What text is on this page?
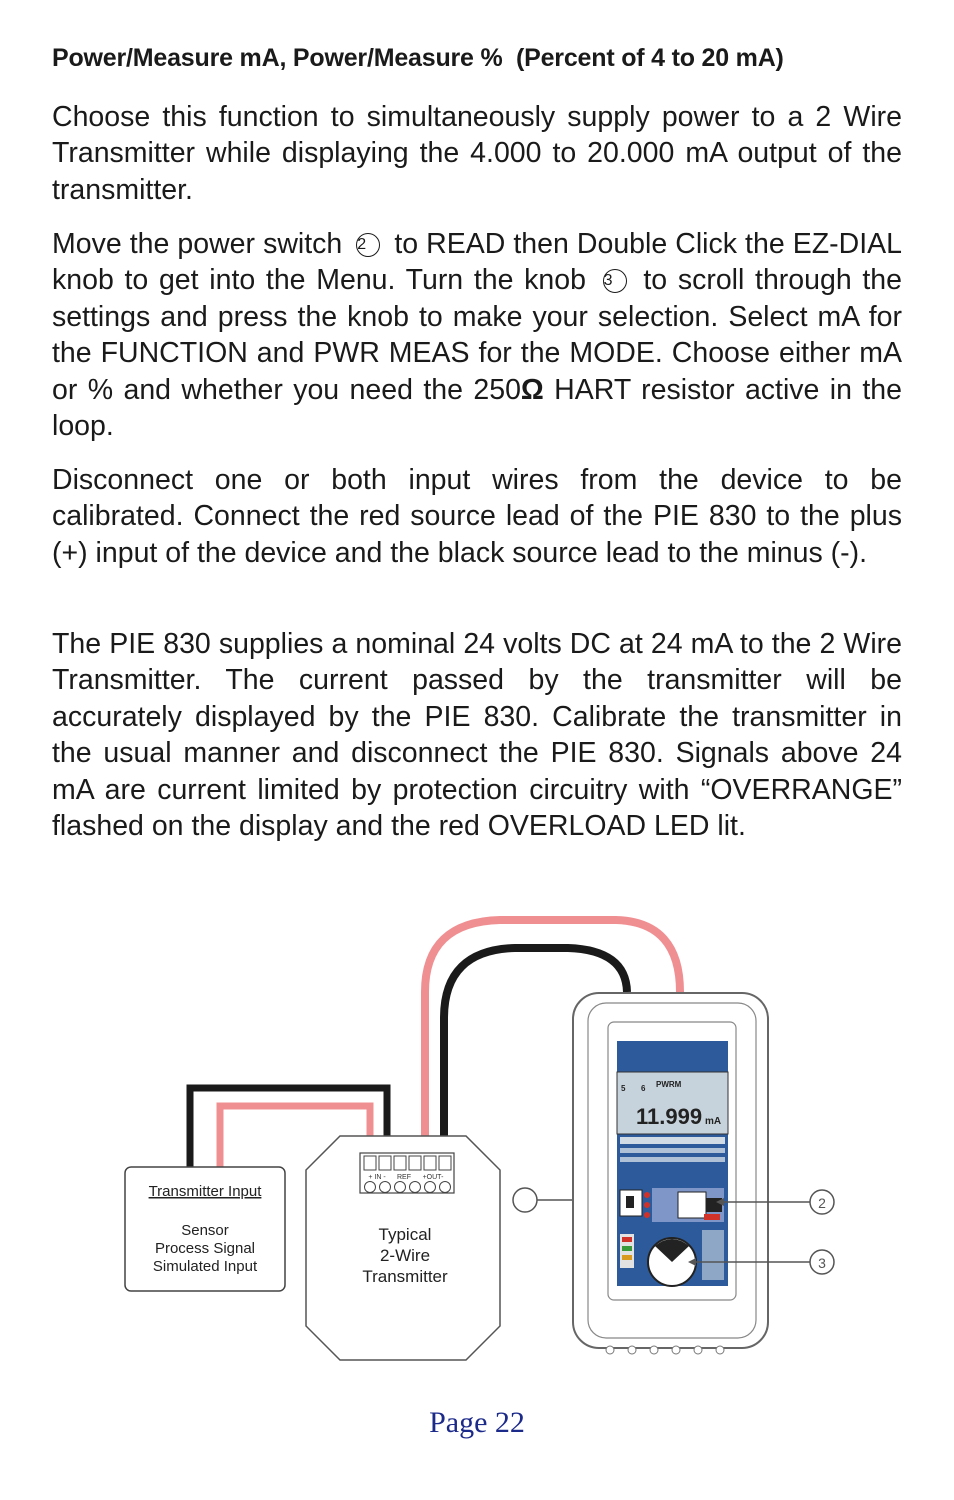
Power/Measure mA, Power/Measure %  (Percent of 4 to 20 mA)
Choose this function to simultaneously supply power to a 2 Wire Transmitter while displaying the 4.000 to 20.000 mA output of the transmitter.
Move the power switch 2 to READ then Double Click the EZ-DIAL knob to get into the Menu. Turn the knob 3 to scroll through the settings and press the knob to make your selection. Select mA for the FUNCTION and PWR MEAS for the MODE. Choose either mA or % and whether you need the 250Ω HART resistor active in the loop.
Disconnect one or both input wires from the device to be calibrated. Connect the red source lead of the PIE 830 to the plus (+) input of the device and the black source lead to the minus (-).
The PIE 830 supplies a nominal 24 volts DC at 24 mA to the 2 Wire Transmitter. The current passed by the transmitter will be accurately displayed by the PIE 830. Calibrate the transmitter in the usual manner and disconnect the PIE 830. Signals above 24 mA are current limited by protection circuitry with “OVERRANGE” flashed on the display and the red OVERLOAD LED lit.
Transmitter Input
Sensor
Process Signal
Simulated Input
+ IN - REF +OUT-
Typical
2-Wire
Transmitter
5 6 PWRM
11.999 mA
2
3
Page 22
